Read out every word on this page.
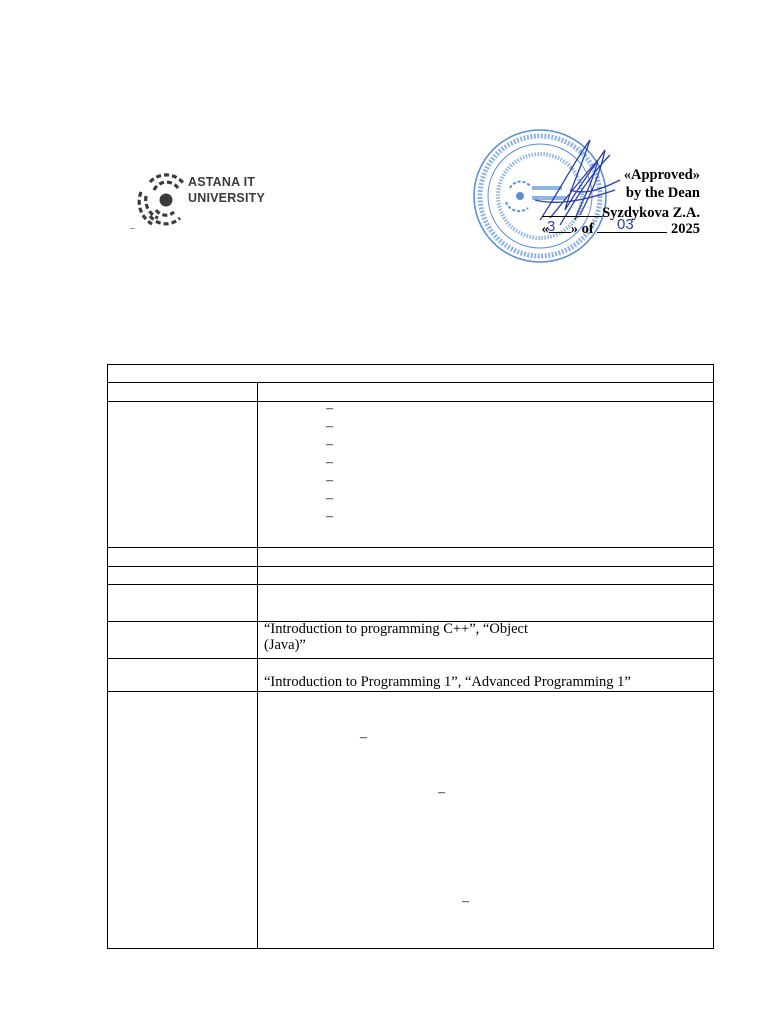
ASTANA IT
UNIVERSITY
«Approved»
by the Dean
Syzdykova Z.A.
« » of	2025
3	03

–
–
–
–
–
–
–
“Introduction to programming C++”, “Object
(Java)”
“Introduction to Programming 1”, “Advanced Programming 1”
–
–
–
